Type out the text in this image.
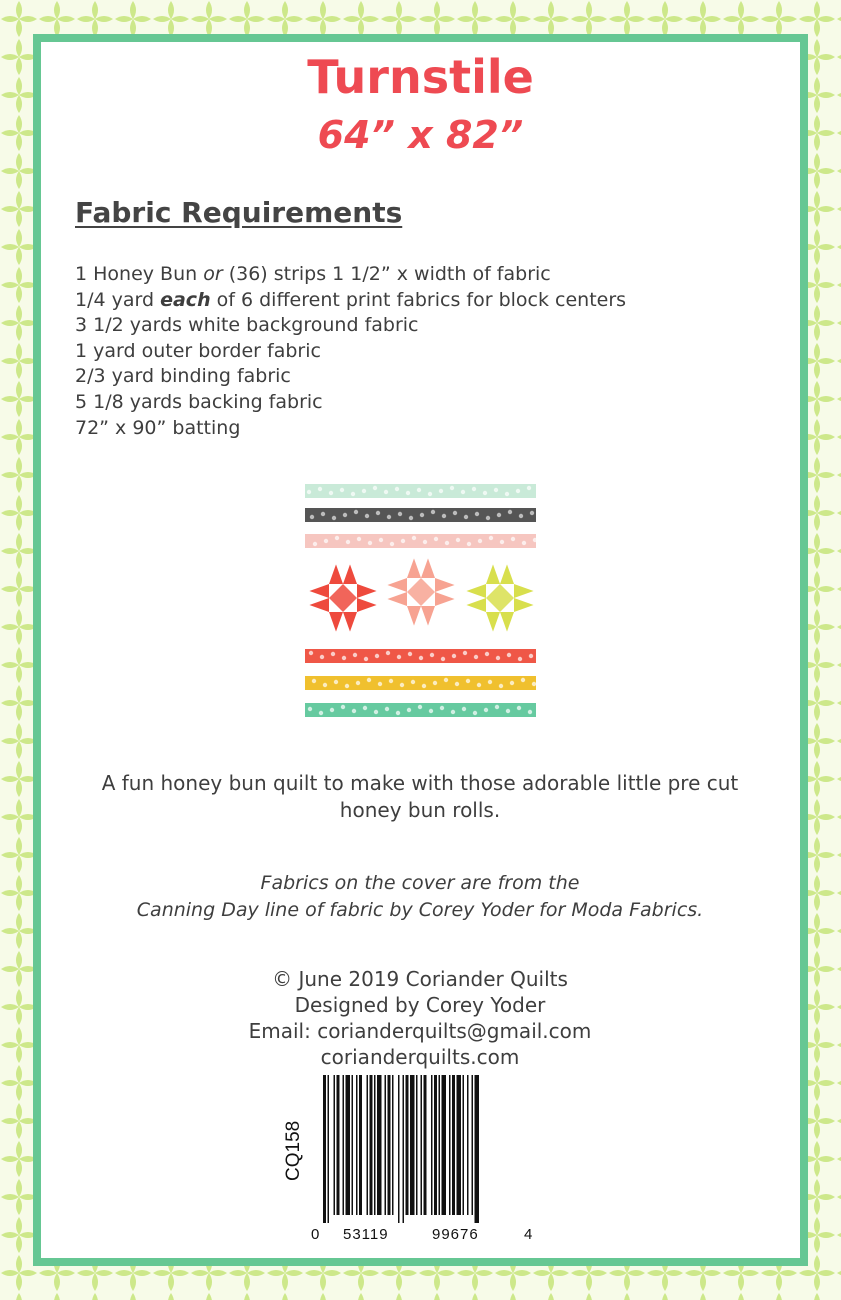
Turnstile
64” x 82”
Fabric Requirements
1 Honey Bun or (36) strips 1 1/2” x width of fabric
1/4 yard each of 6 different print fabrics for block centers
3 1/2 yards white background fabric
1 yard outer border fabric
2/3 yard binding fabric
5 1/8 yards backing fabric
72” x 90” batting

A fun honey bun quilt to make with those adorable little pre cut
honey bun rolls.

Fabrics on the cover are from the
Canning Day line of fabric by Corey Yoder for Moda Fabrics.

© June 2019 Coriander Quilts
Designed by Corey Yoder
Email: corianderquilts@gmail.com
corianderquilts.com
CQ158
0 53119	99676	4
